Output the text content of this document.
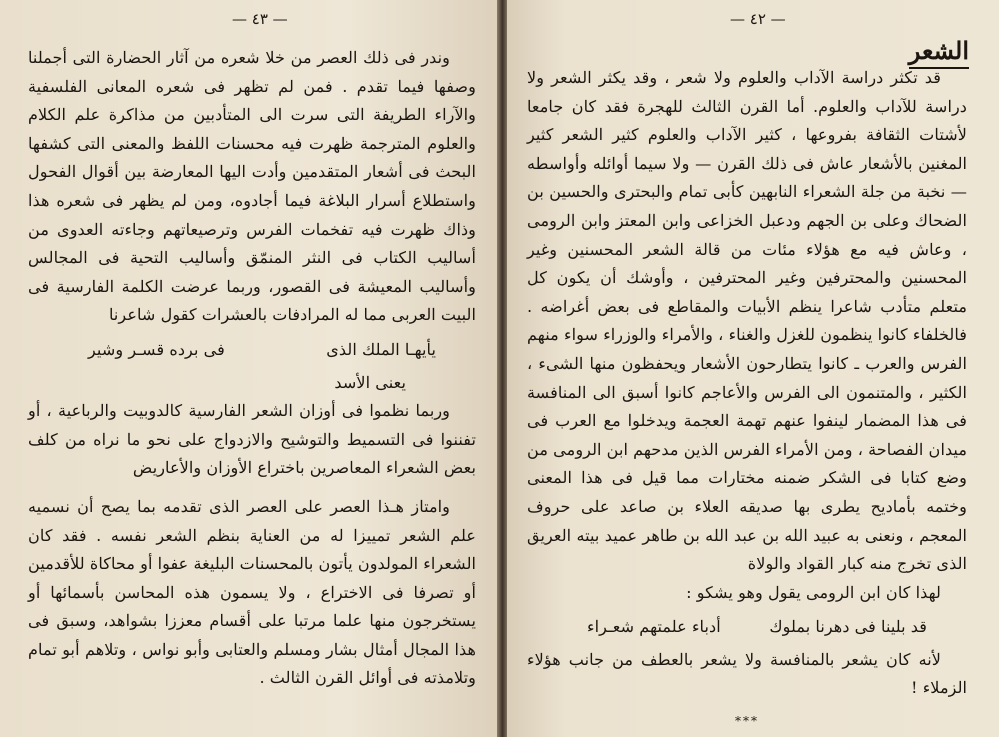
— ٤٣ —

وندر فى ذلك العصر من خلا شعره من آثار الحضارة التى أجملنا وصفها فيما تقدم . فمن لم تظهر فى شعره المعانى الفلسفية والآراء الطريفة التى سرت الى المتأدبين من مذاكرة علم الكلام والعلوم المترجمة ظهرت فيه محسنات اللفظ والمعنى التى كشفها البحث فى أشعار المتقدمين وأدت اليها المعارضة بين أقوال الفحول واستطلاع أسرار البلاغة فيما أجادوه، ومن لم يظهر فى شعره هذا وذاك ظهرت فيه تفخمات الفرس وترصيعاتهم وجاءته العدوى من أساليب الكتاب فى النثر المنمّق وأساليب التحية فى المجالس وأساليب المعيشة فى القصور، وربما عرضت الكلمة الفارسية فى البيت العربى مما له المرادفات بالعشرات كقول شاعرنا

يأيهـا الملك الذى
فى برده قسـر وشير

يعنى الأسد

وربما نظموا فى أوزان الشعر الفارسية كالدوبيت والرباعية ، أو تفننوا فى التسميط والتوشيح والازدواج على نحو ما نراه من كلف بعض الشعراء المعاصرين باختراع الأوزان والأعاريض

وامتاز هـذا العصر على العصر الذى تقدمه بما يصح أن نسميه علم الشعر تمييزا له من العناية بنظم الشعر نفسه . فقد كان الشعراء المولدون يأتون بالمحسنات البليغة عفوا أو محاكاة للأقدمين أو تصرفا فى الاختراع ، ولا يسمون هذه المحاسن بأسمائها أو يستخرجون منها علما مرتبا على أقسام معززا بشواهد، وسبق فى هذا المجال أمثال بشار ومسلم والعتابى وأبو نواس ، وتلاهم أبو تمام وتلامذته فى أوائل القرن الثالث .

— ٤٢ —
الشعر

قد تكثر دراسة الآداب والعلوم ولا شعر ، وقد يكثر الشعر ولا دراسة للآداب والعلوم. أما القرن الثالث للهجرة فقد كان جامعا لأشتات الثقافة بفروعها ، كثير الآداب والعلوم كثير الشعر كثير المغنين بالأشعار عاش فى ذلك القرن — ولا سيما أوائله وأواسطه — نخبة من جلة الشعراء النابهين كأبى تمام والبحترى والحسين بن الضحاك وعلى بن الجهم ودعبل الخزاعى وابن المعتز وابن الرومى ، وعاش فيه مع هؤلاء مئات من قالة الشعر المحسنين وغير المحسنين والمحترفين وغير المحترفين ، وأوشك أن يكون كل متعلم متأدب شاعرا ينظم الأبيات والمقاطع فى بعض أغراضه . فالخلفاء كانوا ينظمون للغزل والغناء ، والأمراء والوزراء سواء منهم الفرس والعرب ـ كانوا يتطارحون الأشعار ويحفظون منها الشىء ، الكثير ، والمتنمون الى الفرس والأعاجم كانوا أسبق الى المنافسة فى هذا المضمار لينفوا عنهم تهمة العجمة ويدخلوا مع العرب فى ميدان الفصاحة ، ومن الأمراء الفرس الذين مدحهم ابن الرومى من وضع كتابا فى الشكر ضمنه مختارات مما قيل فى هذا المعنى وختمه بأماديح يطرى بها صديقه العلاء بن صاعد على حروف المعجم ، ونعنى به عبيد الله بن عبد الله بن طاهر عميد بيته العريق الذى تخرج منه كبار القواد والولاة

لهذا كان ابن الرومى يقول وهو يشكو :

قد بلينا فى دهرنا بملوك
أدباء علمتهم شعـراء

لأنه كان يشعر بالمنافسة ولا يشعر بالعطف من جانب هؤلاء الزملاء !

***
